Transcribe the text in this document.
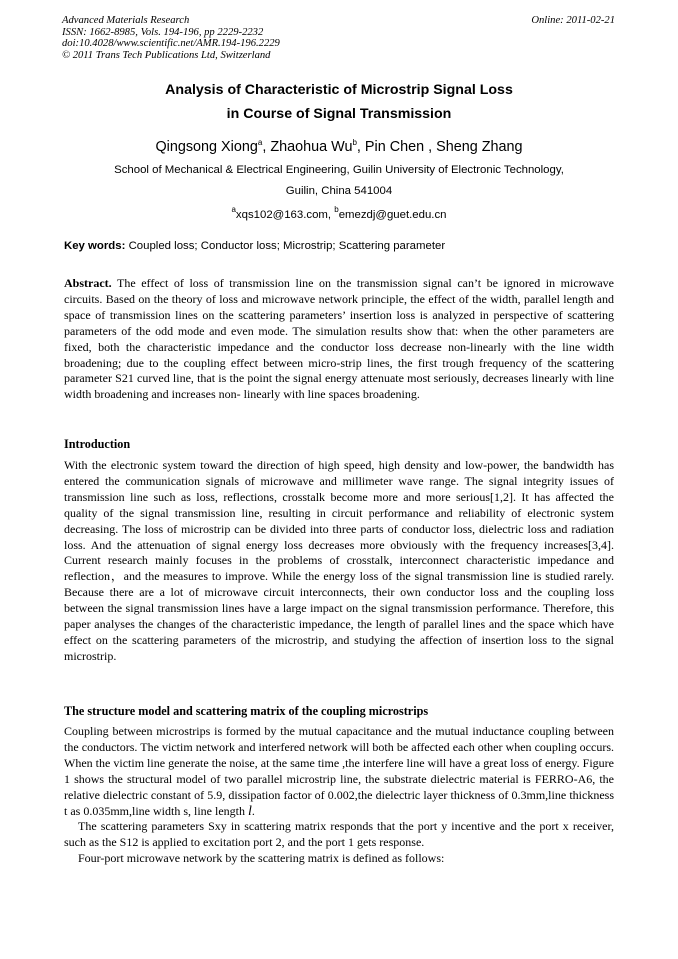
Advanced Materials Research
ISSN: 1662-8985, Vols. 194-196, pp 2229-2232
doi:10.4028/www.scientific.net/AMR.194-196.2229
© 2011 Trans Tech Publications Ltd, Switzerland
Online: 2011-02-21
Analysis of Characteristic of Microstrip Signal Loss
in Course of Signal Transmission
Qingsong Xiong$^a$, Zhaohua Wu$^b$, Pin Chen , Sheng Zhang
School of Mechanical & Electrical Engineering, Guilin University of Electronic Technology,
Guilin, China 541004
$^a$xqs102@163.com, $^b$emezdj@guet.edu.cn
Key words: Coupled loss; Conductor loss; Microstrip; Scattering parameter

Abstract. The effect of loss of transmission line on the transmission signal can’t be ignored in microwave circuits. Based on the theory of loss and microwave network principle, the effect of the width, parallel length and space of transmission lines on the scattering parameters’ insertion loss is analyzed in perspective of scattering parameters of the odd mode and even mode. The simulation results show that: when the other parameters are fixed, both the characteristic impedance and the conductor loss decrease non-linearly with the line width broadening; due to the coupling effect between micro-strip lines, the first trough frequency of the scattering parameter S21 curved line, that is the point the signal energy attenuate most seriously, decreases linearly with line width broadening and increases non- linearly with line spaces broadening.

Introduction

With the electronic system toward the direction of high speed, high density and low-power, the bandwidth has entered the communication signals of microwave and millimeter wave range. The signal integrity issues of transmission line such as loss, reflections, crosstalk become more and more serious[1,2]. It has affected the quality of the signal transmission line, resulting in circuit performance and reliability of electronic system decreasing. The loss of microstrip can be divided into three parts of conductor loss, dielectric loss and radiation loss. And the attenuation of signal energy loss decreases more obviously with the frequency increases[3,4]. Current research mainly focuses in the problems of crosstalk, interconnect characteristic impedance and reflection，and the measures to improve. While the energy loss of the signal transmission line is studied rarely. Because there are a lot of microwave circuit interconnects, their own conductor loss and the coupling loss between the signal transmission lines have a large impact on the signal transmission performance. Therefore, this paper analyses the changes of the characteristic impedance, the length of parallel lines and the space which have effect on the scattering parameters of the microstrip, and studying the affection of insertion loss to the signal microstrip.

The structure model and scattering matrix of the coupling microstrips

Coupling between microstrips is formed by the mutual capacitance and the mutual inductance coupling between the conductors. The victim network and interfered network will both be affected each other when coupling occurs. When the victim line generate the noise, at the same time ,the interfere line will have a great loss of energy. Figure 1 shows the structural model of two parallel microstrip line, the substrate dielectric material is FERRO-A6, the relative dielectric constant of 5.9, dissipation factor of 0.002,the dielectric layer thickness of 0.3mm,line thickness t as 0.035mm,line width s, line length l.

The scattering parameters Sxy in scattering matrix responds that the port y incentive and the port x receiver, such as the S12 is applied to excitation port 2, and the port 1 gets response.

Four-port microwave network by the scattering matrix is defined as follows:
